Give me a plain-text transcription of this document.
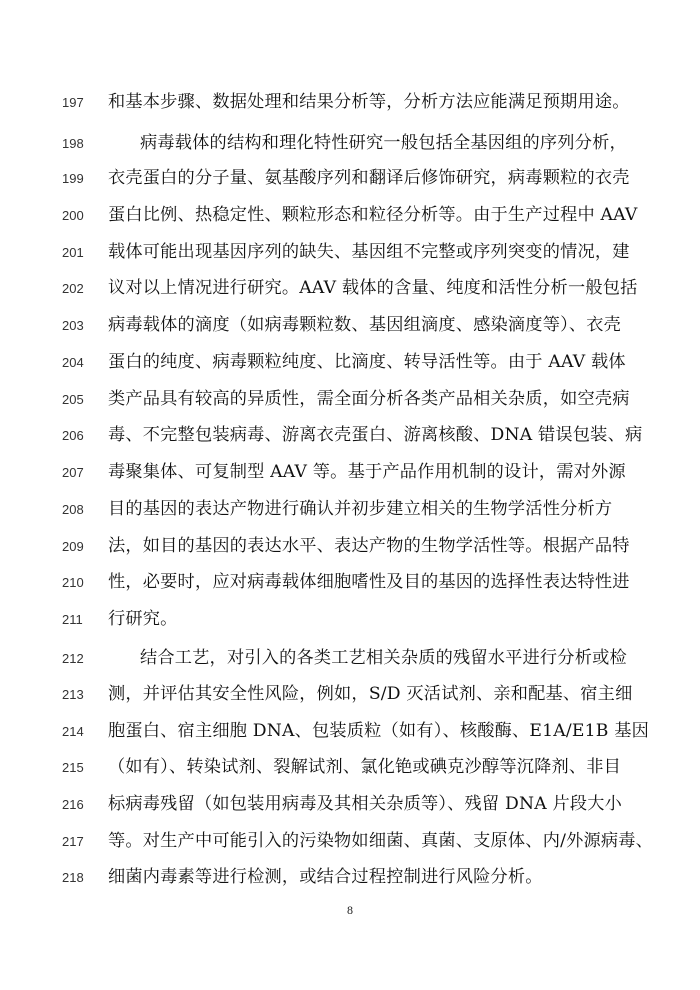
197	和基本步骤、数据处理和结果分析等，分析方法应能满足预期用途。
198	病毒载体的结构和理化特性研究一般包括全基因组的序列分析，
199	衣壳蛋白的分子量、氨基酸序列和翻译后修饰研究，病毒颗粒的衣壳
200	蛋白比例、热稳定性、颗粒形态和粒径分析等。由于生产过程中 AAV
201	载体可能出现基因序列的缺失、基因组不完整或序列突变的情况，建
202	议对以上情况进行研究。AAV 载体的含量、纯度和活性分析一般包括
203	病毒载体的滴度（如病毒颗粒数、基因组滴度、感染滴度等）、衣壳
204	蛋白的纯度、病毒颗粒纯度、比滴度、转导活性等。由于 AAV 载体
205	类产品具有较高的异质性，需全面分析各类产品相关杂质，如空壳病
206	毒、不完整包装病毒、游离衣壳蛋白、游离核酸、DNA 错误包装、病
207	毒聚集体、可复制型 AAV 等。基于产品作用机制的设计，需对外源
208	目的基因的表达产物进行确认并初步建立相关的生物学活性分析方
209	法，如目的基因的表达水平、表达产物的生物学活性等。根据产品特
210	性，必要时，应对病毒载体细胞嗜性及目的基因的选择性表达特性进
211	行研究。
212	结合工艺，对引入的各类工艺相关杂质的残留水平进行分析或检
213	测，并评估其安全性风险，例如，S/D 灭活试剂、亲和配基、宿主细
214	胞蛋白、宿主细胞 DNA、包装质粒（如有）、核酸酶、E1A/E1B 基因
215	（如有）、转染试剂、裂解试剂、氯化铯或碘克沙醇等沉降剂、非目
216	标病毒残留（如包装用病毒及其相关杂质等）、残留 DNA 片段大小
217	等。对生产中可能引入的污染物如细菌、真菌、支原体、内/外源病毒、
218	细菌内毒素等进行检测，或结合过程控制进行风险分析。
8
